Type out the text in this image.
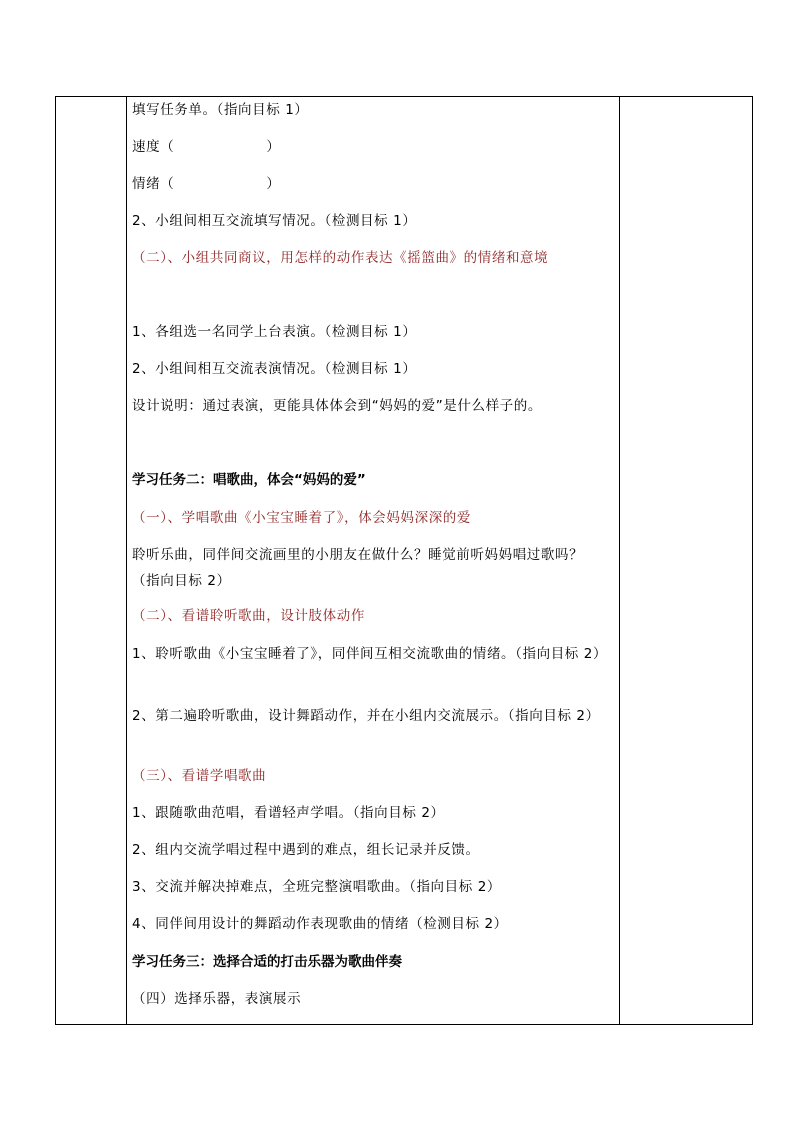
填写任务单。（指向目标 1）
速度（	）
情绪（	）
2、小组间相互交流填写情况。（检测目标 1）
（二）、小组共同商议，用怎样的动作表达《摇篮曲》的情绪和意境
1、各组选一名同学上台表演。（检测目标 1）
2、小组间相互交流表演情况。（检测目标 1）
设计说明：通过表演，更能具体体会到“妈妈的爱”是什么样子的。
学习任务二：唱歌曲，体会“妈妈的爱”
（一）、学唱歌曲《小宝宝睡着了》，体会妈妈深深的爱
聆听乐曲，同伴间交流画里的小朋友在做什么？睡觉前听妈妈唱过歌吗？（指向目标 2）
（二）、看谱聆听歌曲，设计肢体动作
1、聆听歌曲《小宝宝睡着了》，同伴间互相交流歌曲的情绪。（指向目标 2）
2、第二遍聆听歌曲，设计舞蹈动作，并在小组内交流展示。（指向目标 2）
（三）、看谱学唱歌曲
1、跟随歌曲范唱，看谱轻声学唱。（指向目标 2）
2、组内交流学唱过程中遇到的难点，组长记录并反馈。
3、交流并解决掉难点，全班完整演唱歌曲。（指向目标 2）
4、同伴间用设计的舞蹈动作表现歌曲的情绪（检测目标 2）
学习任务三：选择合适的打击乐器为歌曲伴奏
（四）选择乐器，表演展示
